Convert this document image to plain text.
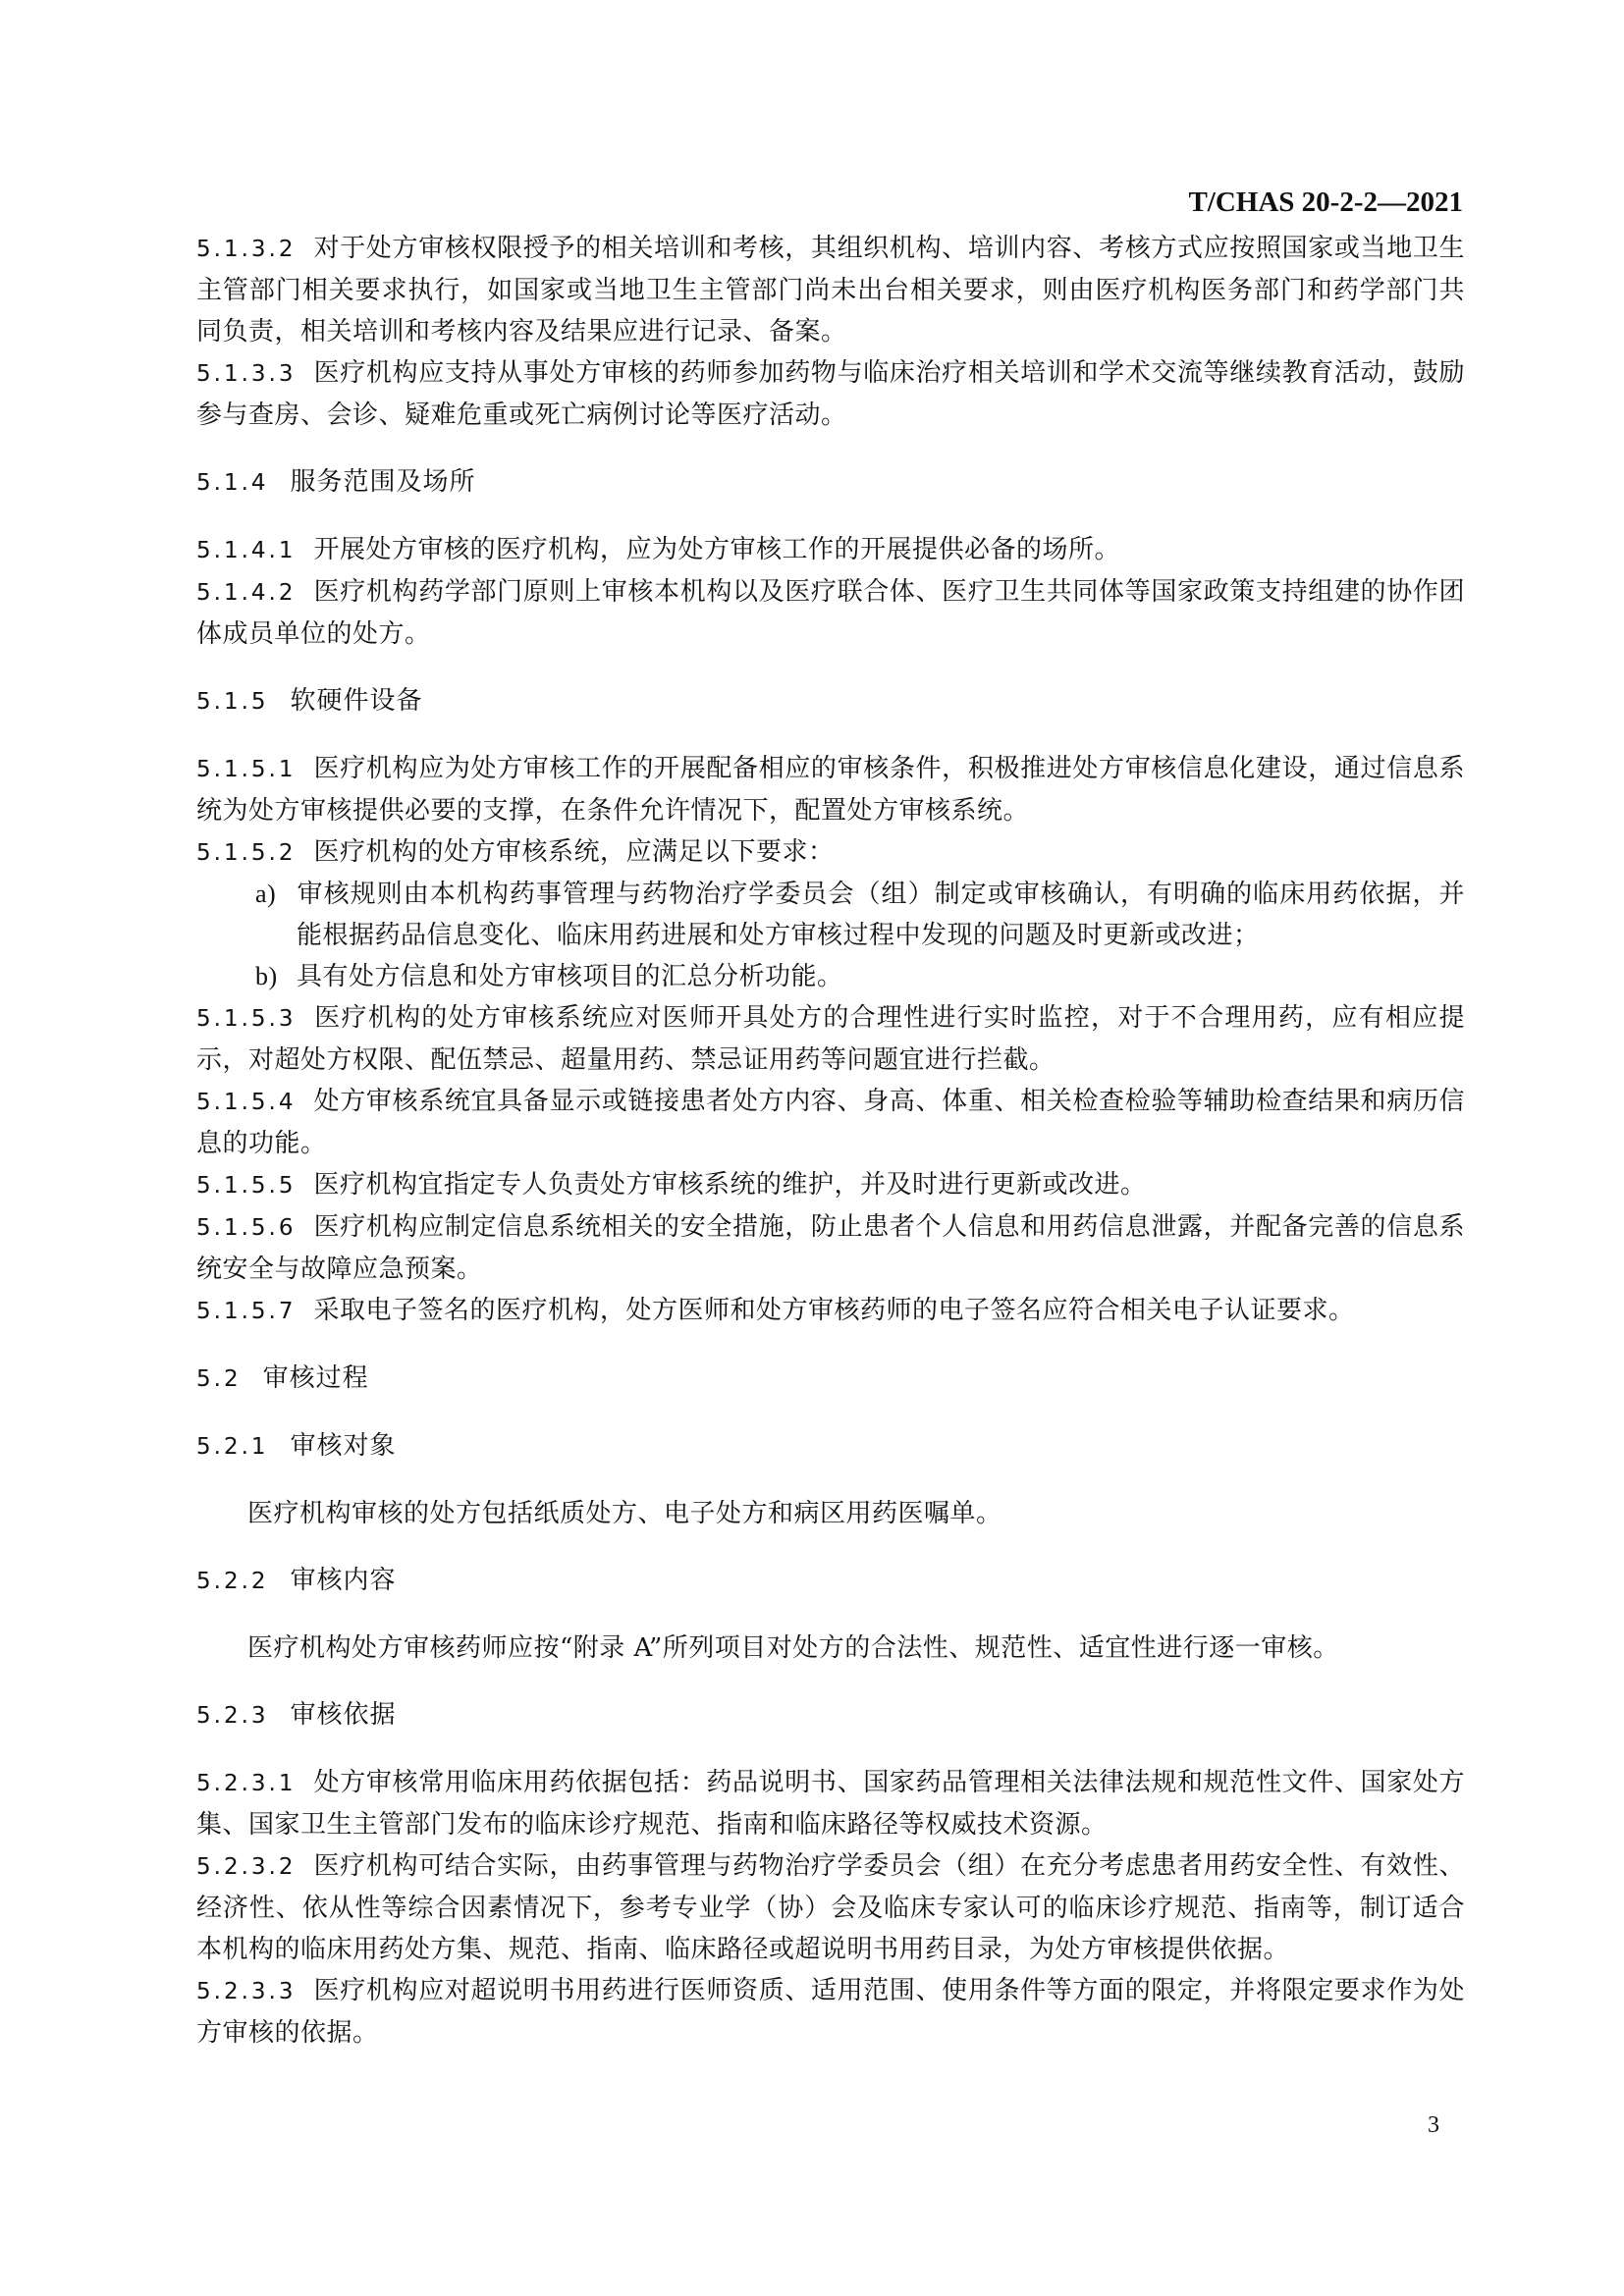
T/CHAS 20-2-2—2021

5.1.3.2 对于处方审核权限授予的相关培训和考核，其组织机构、培训内容、考核方式应按照国家或当地卫生主管部门相关要求执行，如国家或当地卫生主管部门尚未出台相关要求，则由医疗机构医务部门和药学部门共同负责，相关培训和考核内容及结果应进行记录、备案。

5.1.3.3 医疗机构应支持从事处方审核的药师参加药物与临床治疗相关培训和学术交流等继续教育活动，鼓励参与查房、会诊、疑难危重或死亡病例讨论等医疗活动。

5.1.4 服务范围及场所

5.1.4.1 开展处方审核的医疗机构，应为处方审核工作的开展提供必备的场所。

5.1.4.2 医疗机构药学部门原则上审核本机构以及医疗联合体、医疗卫生共同体等国家政策支持组建的协作团体成员单位的处方。

5.1.5 软硬件设备

5.1.5.1 医疗机构应为处方审核工作的开展配备相应的审核条件，积极推进处方审核信息化建设，通过信息系统为处方审核提供必要的支撑，在条件允许情况下，配置处方审核系统。

5.1.5.2 医疗机构的处方审核系统，应满足以下要求：

a) 审核规则由本机构药事管理与药物治疗学委员会（组）制定或审核确认，有明确的临床用药依据，并能根据药品信息变化、临床用药进展和处方审核过程中发现的问题及时更新或改进；

b) 具有处方信息和处方审核项目的汇总分析功能。

5.1.5.3 医疗机构的处方审核系统应对医师开具处方的合理性进行实时监控，对于不合理用药，应有相应提示，对超处方权限、配伍禁忌、超量用药、禁忌证用药等问题宜进行拦截。

5.1.5.4 处方审核系统宜具备显示或链接患者处方内容、身高、体重、相关检查检验等辅助检查结果和病历信息的功能。

5.1.5.5 医疗机构宜指定专人负责处方审核系统的维护，并及时进行更新或改进。

5.1.5.6 医疗机构应制定信息系统相关的安全措施，防止患者个人信息和用药信息泄露，并配备完善的信息系统安全与故障应急预案。

5.1.5.7 采取电子签名的医疗机构，处方医师和处方审核药师的电子签名应符合相关电子认证要求。

5.2 审核过程

5.2.1 审核对象

医疗机构审核的处方包括纸质处方、电子处方和病区用药医嘱单。

5.2.2 审核内容

医疗机构处方审核药师应按“附录 A”所列项目对处方的合法性、规范性、适宜性进行逐一审核。

5.2.3 审核依据

5.2.3.1 处方审核常用临床用药依据包括：药品说明书、国家药品管理相关法律法规和规范性文件、国家处方集、国家卫生主管部门发布的临床诊疗规范、指南和临床路径等权威技术资源。

5.2.3.2 医疗机构可结合实际，由药事管理与药物治疗学委员会（组）在充分考虑患者用药安全性、有效性、经济性、依从性等综合因素情况下，参考专业学（协）会及临床专家认可的临床诊疗规范、指南等，制订适合本机构的临床用药处方集、规范、指南、临床路径或超说明书用药目录，为处方审核提供依据。

5.2.3.3 医疗机构应对超说明书用药进行医师资质、适用范围、使用条件等方面的限定，并将限定要求作为处方审核的依据。

3
